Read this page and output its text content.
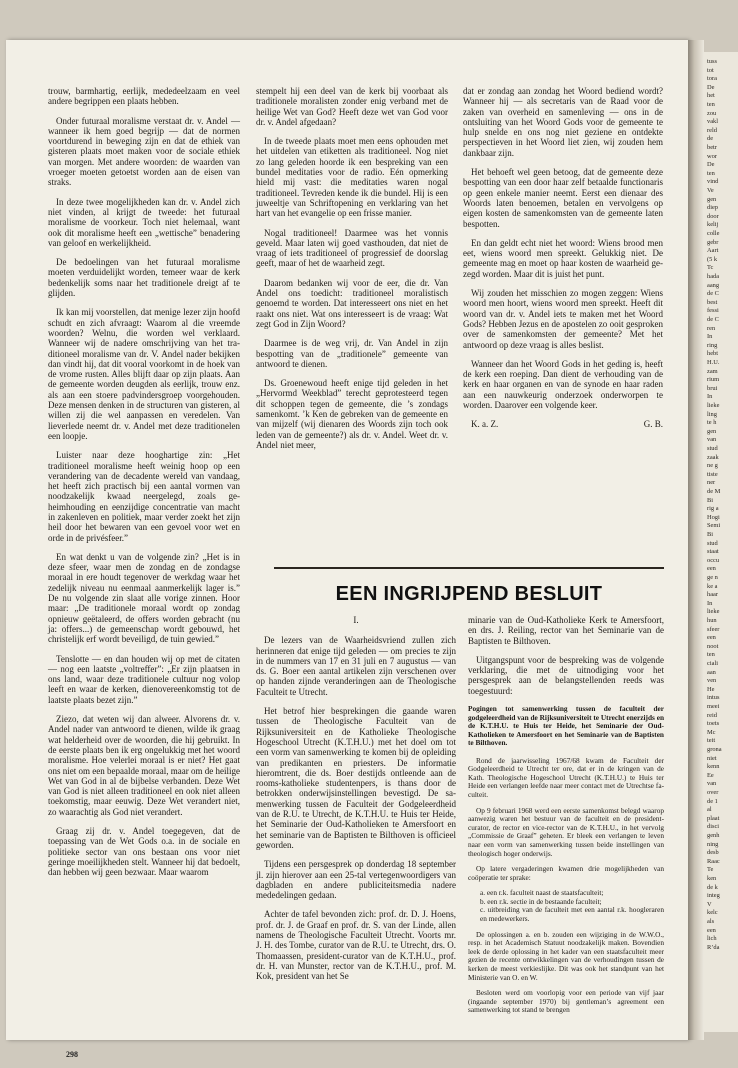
trouw, barmhartig, eerlijk, mededeelzaam en veel andere begrippen een plaats hebben.

Onder futuraal moralisme verstaat dr. v. Andel — wanneer ik hem goed begrijp — dat de normen voortdurend in beweging zijn en dat de ethiek van gisteren plaats moet maken voor de sociale ethiek van morgen. Met andere woorden: de waarden van vroeger moeten getoetst worden aan de eisen van straks.

In deze twee mogelijkheden kan dr. v. Andel zich niet vinden, al krijgt de tweede: het futuraal moralisme de voorkeur. Toch niet helemaal, want ook dit moralisme heeft een „wettische” benadering van geloof en werkelijkheid.

De bedoelingen van het futuraal moralisme moeten verduidelijkt worden, temeer waar de kerk bedenkelijk soms naar het traditionele dreigt af te glijden.

Ik kan mij voorstellen, dat menige lezer zijn hoofd schudt en zich afvraagt: Waarom al die vreemde woorden? Welnu, die worden wel verklaard. Wanneer wij de nadere omschrijving van het traditioneel moralisme van dr. V. Andel nader bekijken dan vindt hij, dat dit vooral voorkomt in de hoek van de vrome rusten. Alles blijft daar op zijn plaats. Aan de gemeente worden deugden als eerlijk, trouw enz. als aan een stoere padvindersgroep voorgehouden. Deze mensen denken in de structuren van gisteren, al willen zij die wel aanpassen en veredelen. Van lieverlede neemt dr. v. Andel met deze traditionelen een loopje.

Luister naar deze hooghartige zin: „Het traditioneel moralisme heeft weinig hoop op een verandering van de decadente wereld van vandaag, het heeft zich practisch bij een aantal vormen van noodzakelijk kwaad neergelegd, zoals geheimhouding en eenzijdige concentratie van macht in zakenleven en politiek, maar verder zoekt het zijn heil door het bewaren van een gevoel voor wet en orde in de privésfeer.”

En wat denkt u van de volgende zin? „Het is in deze sfeer, waar men de zondag en de zondagse moraal in ere houdt tegenover de werkdag waar het zedelijk niveau nu eenmaal aanmerkelijk lager is.” De nu volgende zin slaat alle vorige zinnen. Hoor maar: „De traditionele moraal wordt op zondag opnieuw geëtaleerd, de offers worden gebracht (nu ja: offers...) de gemeenschap wordt gebouwd, het christelijk erf wordt beveiligd, de tuin gewied.”

Tenslotte — en dan houden wij op met de citaten — nog een laatste „voltreffer”: „Er zijn plaatsen in ons land, waar deze traditionele cultuur nog volop leeft en waar de kerken, dienovereenkomstig tot de laatste plaats bezet zijn.”

Ziezo, dat weten wij dan alweer. Alvorens dr. v. Andel nader van antwoord te dienen, wilde ik graag wat helderheid over de woorden, die hij gebruikt. In de eerste plaats ben ik erg ongelukkig met het woord moralisme. Hoe velerlei moraal is er niet? Het gaat ons niet om een bepaalde moraal, maar om de heilige Wet van God in al de bijbelse verbanden. Deze Wet van God is niet alleen traditioneel en ook niet alleen toekomstig, maar eeuwig. Deze Wet verandert niet, zo waarachtig als God niet verandert.

Graag zij dr. v. Andel toegegeven, dat de toepassing van de Wet Gods o.a. in de sociale en politieke sector van ons bestaan ons voor niet geringe moeilijkheden stelt. Wanneer hij dat bedoelt, dan hebben wij geen bezwaar. Maar waarom

stempelt hij een deel van de kerk bij voorbaat als traditionele moralisten zonder enig verband met de heilige Wet van God? Heeft deze wet van God voor dr. v. Andel afgedaan?

In de tweede plaats moet men eens ophouden met het uitdelen van etiketten als traditioneel. Nog niet zo lang geleden hoorde ik een bespreking van een bundel meditaties voor de radio. Eén opmerking hield mij vast: die meditaties waren nogal traditioneel. Tevreden kende ik die bundel. Hij is een juweeltje van Schriftopening en verklaring van het hart van het evangelie op een frisse manier.

Nogal traditioneel! Daarmee was het vonnis geveld. Maar laten wij goed vasthouden, dat niet de vraag of iets traditioneel of progressief de doorslag geeft, maar of het de waarheid zegt.

Daarom bedanken wij voor de eer, die dr. Van Andel ons toedicht: traditioneel moralistisch genoemd te worden. Dat interesseert ons niet en het raakt ons niet. Wat ons interesseert is de vraag: Wat zegt God in Zijn Woord?

Daarmee is de weg vrij, dr. Van Andel in zijn bespotting van de „traditionele” gemeente van antwoord te dienen.

Ds. Groenewoud heeft enige tijd geleden in het „Hervormd Weekblad” terecht geprotesteerd tegen dit schoppen tegen de gemeente, die ’s zondags samenkomt. ’k Ken de gebreken van de gemeente en van mijzelf (wij dienaren des Woords zijn toch ook leden van de gemeente?) als dr. v. Andel. Weet dr. v. Andel niet meer,

dat er zondag aan zondag het Woord bediend wordt? Wanneer hij — als secretaris van de Raad voor de zaken van overheid en samenleving — ons in de ontsluiting van het Woord Gods voor de gemeente te hulp snelde en ons nog niet geziene en ontdekte perspectieven in het Woord liet zien, wij zouden hem dankbaar zijn.

Het behoeft wel geen betoog, dat de gemeente deze bespotting van een door haar zelf betaalde functionaris op geen enkele manier neemt. Eerst een dienaar des Woords laten benoemen, betalen en vervolgens op eigen kosten de samenkomsten van de gemeente laten bespotten.

En dan geldt echt niet het woord: Wiens brood men eet, wiens woord men spreekt. Gelukkig niet. De gemeente mag en moet op haar kosten de waarheid gezegd worden. Maar dit is juist het punt.

Wij zouden het misschien zo mogen zeggen: Wiens woord men hoort, wiens woord men spreekt. Heeft dit woord van dr. v. Andel iets te maken met het Woord Gods? Hebben Jezus en de apostelen zo ooit gesproken over de samenkomsten der gemeente? Met het antwoord op deze vraag is alles beslist.

Wanneer dan het Woord Gods in het geding is, heeft de kerk een roeping. Dan dient de verhouding van de kerk en haar organen en van de synode en haar raden aan een nauwkeurig onderzoek onderworpen te worden. Daarover een volgende keer.

K. a. Z.	G. B.

EEN INGRIJPEND BESLUIT

I.

De lezers van de Waarheidsvriend zullen zich herinneren dat enige tijd geleden — om precies te zijn in de nummers van 17 en 31 juli en 7 augustus — van ds. G. Boer een aantal artikelen zijn verschenen over op handen zijnde veranderingen aan de Theologische Faculteit te Utrecht.

Het betrof hier besprekingen die gaande waren tussen de Theologische Faculteit van de Rijksuniversiteit en de Katholieke Theologische Hogeschool Utrecht (K.T.H.U.) met het doel om tot een vorm van samenwerking te komen bij de opleiding van predikanten en priesters. De informatie hieromtrent, die ds. Boer destijds ontleende aan de rooms-katholieke studentenpers, is thans door de betrokken onderwijsinstellingen bevestigd. De samenwerking tussen de Faculteit der Godgeleerdheid van de R.U. te Utrecht, de K.T.H.U. te Huis ter Heide, het Seminarie der Oud-Katholieken te Amersfoort en het seminarie van de Baptisten te Bilthoven is officieel geworden.

Tijdens een persgesprek op donderdag 18 september jl. zijn hierover aan een 25-tal vertegenwoordigers van dagbladen en andere publiciteitsmedia nadere mededelingen gedaan.

Achter de tafel bevonden zich: prof. dr. D. J. Hoens, prof. dr. J. de Graaf en prof. dr. S. van der Linde, allen namens de Theologische Faculteit Utrecht. Voorts mr. J. H. des Tombe, curator van de R.U. te Utrecht, drs. O. Thomaassen, president-curator van de K.T.H.U., prof. dr. H. van Munster, rector van de K.T.H.U., prof. M. Kok, president van het Se

minarie van de Oud-Katholieke Kerk te Amersfoort, en drs. J. Reiling, rector van het Seminarie van de Baptisten te Bilthoven.

Uitgangspunt voor de bespreking was de volgende verklaring, die met de uitnodiging voor het persgesprek aan de belangstellenden reeds was toegestuurd:

Pogingen tot samenwerking tussen de faculteit der godgeleerdheid van de Rijksuniversiteit te Utrecht enerzijds en de K.T.H.U. te Huis ter Heide, het Seminarie der Oud-Katholieken te Amersfoort en het Seminarie van de Baptisten te Bilthoven.

Rond de jaarwisseling 1967/68 kwam de Faculteit der Godgeleerdheid te Utrecht ter ore, dat er in de kringen van de Kath. Theologische Hogeschool Utrecht (K.T.H.U.) te Huis ter Heide een verlangen leefde naar meer contact met de Utrechtse faculteit.

Op 9 februari 1968 werd een eerste samenkomst belegd waarop aanwezig waren het bestuur van de faculteit en de president-curator, de rector en vice-rector van de K.T.H.U., in het vervolg „Commissie de Graaf” geheten. Er bleek een verlangen te leven naar een vorm van samenwerking tussen beide instellingen van theologisch hoger onderwijs.

Op latere vergaderingen kwamen drie mogelijkheden van coöperatie ter sprake:

a. een r.k. faculteit naast de staatsfaculteit;
b. een r.k. sectie in de bestaande faculteit;
c. uitbreiding van de faculteit met een aantal r.k. hoogleraren en medewerkers.

De oplossingen a. en b. zouden een wijziging in de W.W.O., resp. in het Academisch Statuut noodzakelijk maken. Bovendien leek de derde oplossing in het kader van een staatsfaculteit meer gezien de recente ontwikkelingen van de verhoudingen tussen de kerken de meest verkieslijke. Dit was ook het standpunt van het Ministerie van O. en W.

Besloten werd om voorlopig voor een periode van vijf jaar (ingaande september 1970) bij gentleman’s agreement een samenwerking tot stand te brengen

298
tuss
tot
tora
De
het
ten
zou
vakl
reld
de
betr
wor
De
ten
vind
Ve
gen
diep
door
kelij
colle
gebr
Aart
(5 k
Tc
hada
aang
de C
best
fessi
de C
ren
In
ring
hebt
H.U.
zam
rium
brui
In
lieke
ling
te h
gen
van
stud
zaak
ne g
tiste
ner
de M
Bi
rig a
Hogi
Semi
Bi
stud
staat
occu
een
ge n
ke a
haar
In
lieke
hun
sfeer
een
noot
ten
ciali
aan
ven
He
intus
meei
reid
toets
Mc
teit
grona
niet
kenn
Ee
van
over
de 1
al
plaat
disci
genh
ning
desb
Raac
Te
ken
de k
integ
V
kelc
als
een
lich
R’da
